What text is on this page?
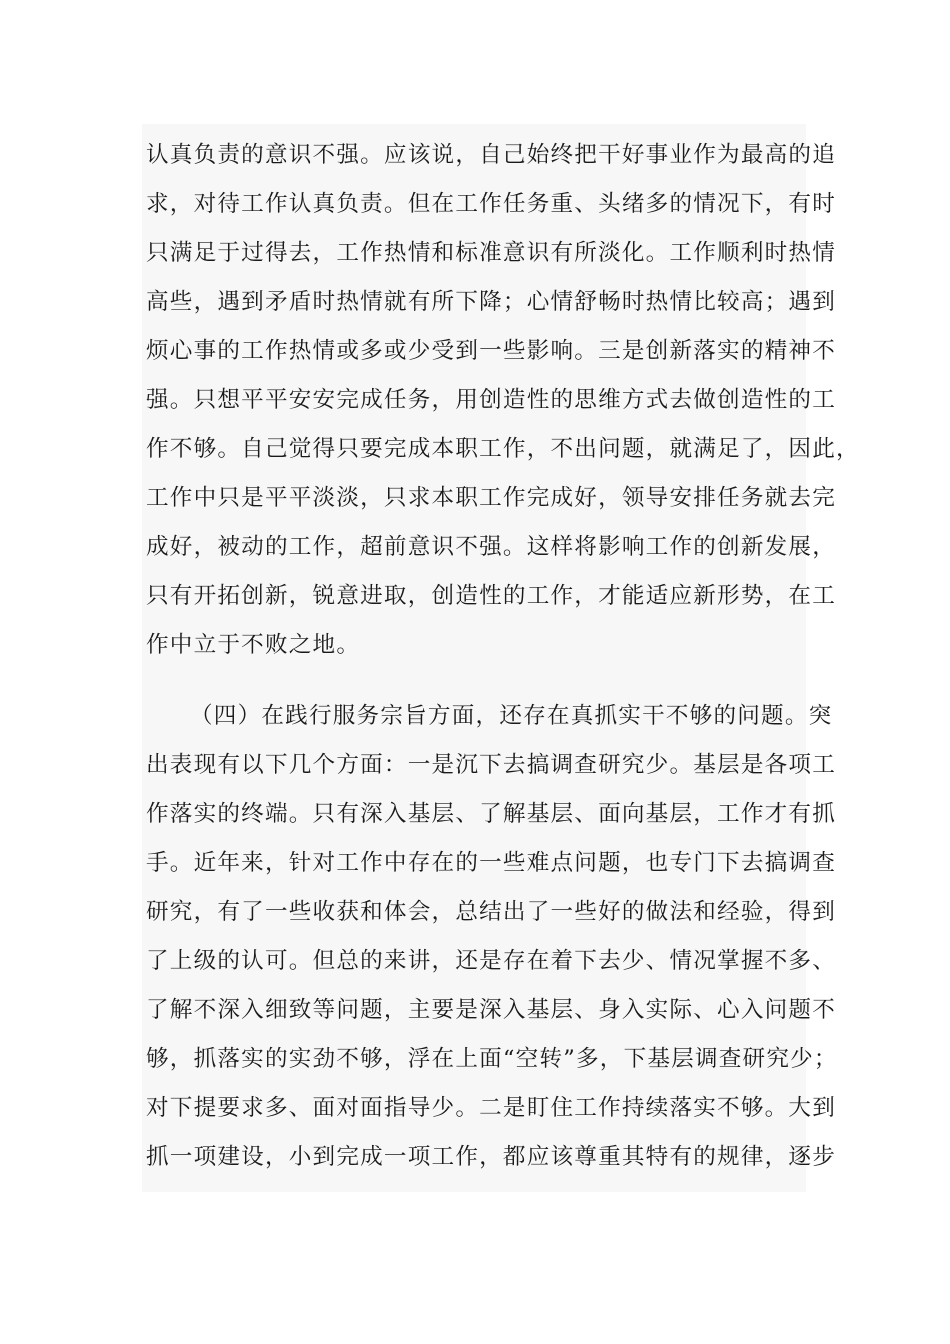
认真负责的意识不强。应该说，自己始终把干好事业作为最高的追
求，对待工作认真负责。但在工作任务重、头绪多的情况下，有时
只满足于过得去，工作热情和标准意识有所淡化。工作顺利时热情
高些，遇到矛盾时热情就有所下降；心情舒畅时热情比较高；遇到
烦心事的工作热情或多或少受到一些影响。三是创新落实的精神不
强。只想平平安安完成任务，用创造性的思维方式去做创造性的工
作不够。自己觉得只要完成本职工作，不出问题，就满足了，因此，
工作中只是平平淡淡，只求本职工作完成好，领导安排任务就去完
成好，被动的工作，超前意识不强。这样将影响工作的创新发展，
只有开拓创新，锐意进取，创造性的工作，才能适应新形势，在工
作中立于不败之地。
（四）在践行服务宗旨方面，还存在真抓实干不够的问题。突
出表现有以下几个方面：一是沉下去搞调查研究少。基层是各项工
作落实的终端。只有深入基层、了解基层、面向基层，工作才有抓
手。近年来，针对工作中存在的一些难点问题，也专门下去搞调查
研究，有了一些收获和体会，总结出了一些好的做法和经验，得到
了上级的认可。但总的来讲，还是存在着下去少、情况掌握不多、
了解不深入细致等问题，主要是深入基层、身入实际、心入问题不
够，抓落实的实劲不够，浮在上面“空转”多，下基层调查研究少；
对下提要求多、面对面指导少。二是盯住工作持续落实不够。大到
抓一项建设，小到完成一项工作，都应该尊重其特有的规律，逐步
